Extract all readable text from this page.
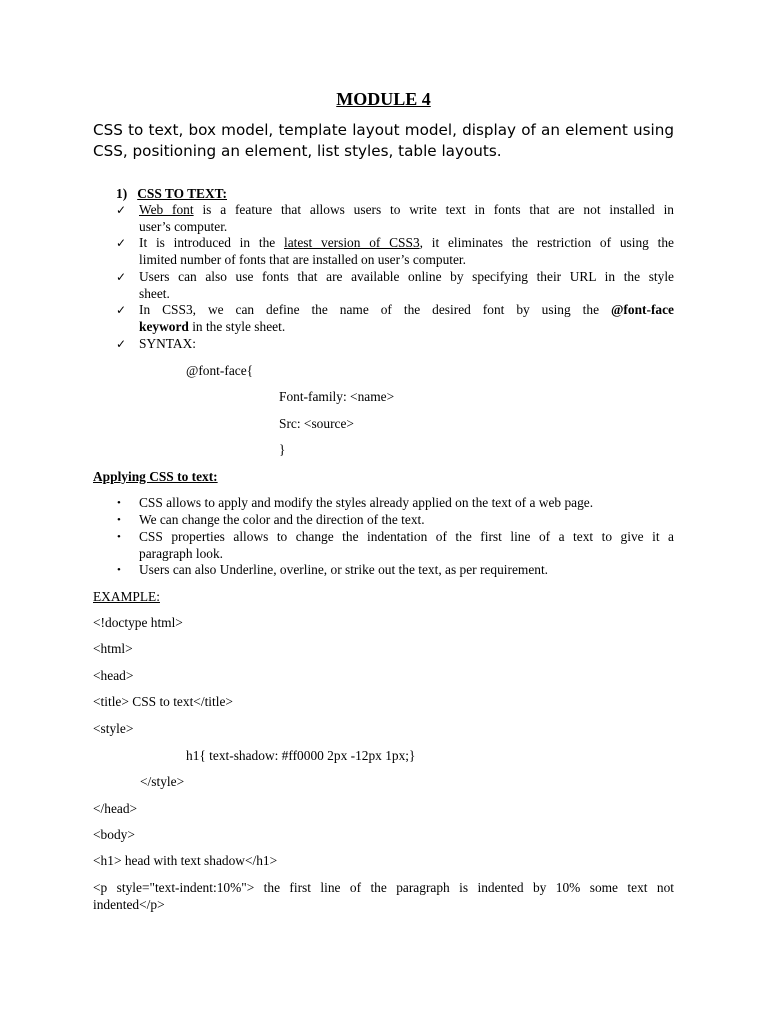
MODULE 4
CSS to text, box model, template layout model, display of an element using
CSS, positioning an element, list styles, table layouts.
1) CSS TO TEXT:
✓ Web font is a feature that allows users to write text in fonts that are not installed in
user’s computer.
✓ It is introduced in the latest version of CSS3, it eliminates the restriction of using the
limited number of fonts that are installed on user’s computer.
✓ Users can also use fonts that are available online by specifying their URL in the style
sheet.
✓ In CSS3, we can define the name of the desired font by using the @font-face
keyword in the style sheet.
✓ SYNTAX:
@font-face{
Font-family: <name>
Src: <source>
}
Applying CSS to text:
•	CSS allows to apply and modify the styles already applied on the text of a web page.
•	We can change the color and the direction of the text.
•	CSS properties allows to change the indentation of the first line of a text to give it a
paragraph look.
•	Users can also Underline, overline, or strike out the text, as per requirement.
EXAMPLE:
<!doctype html>
<html>
<head>
<title> CSS to text</title>
<style>
h1{ text-shadow: #ff0000 2px -12px 1px;}
</style>
</head>
<body>
<h1> head with text shadow</h1>
<p style="text-indent:10%"> the first line of the paragraph is indented by 10% some text not
indented</p>
